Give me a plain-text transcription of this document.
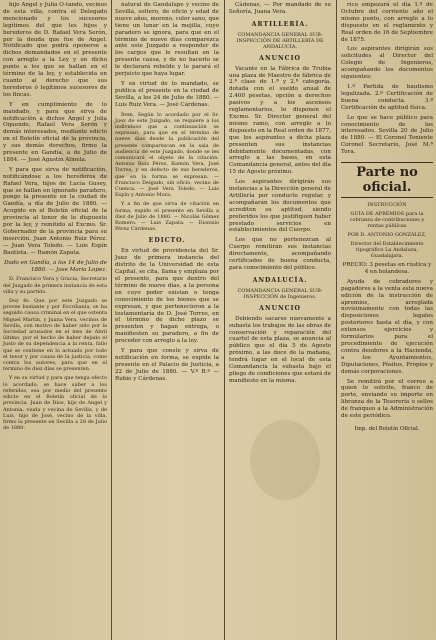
hijo Angel y Julia O-tando, vecinos de esta villa, contra el Delegado mencionado y los sucesores legítimos del que les hijos y herederos de D. Rafael Vera Serón, por la deuda que fue de Angel. Notificado que podrá oponerse a dichos demandados en el presente con arreglo a la Ley y en dicho punto a los que se hallan en el término de la ley, y establecida en cuanto al derecho que sus herederos ó legítimos sucesores de los fincas.

Y en cumplimiento de lo mandado, y para que sirva de notificación a dichos Ángel y Julia Oquendo, Rafael Vera Serón y demás interesados, mediante edicto en el Boletín oficial de la provincia, y sus demás derechos, firmo la presente en Gandía, a de Julio de 1884. — José Agustín Almela.

Y para que sirva de notificación, notificándose a los herederos de Rafael Vera, hijos de Lucía Gusey, que se hallan en ignorado paradero, pongo la presente en la ciudad de Gandía, a día de Julio de 1880. — Acogido en el Boletín oficial de la provincia al tenor de lo dispuesto por la ley, y remitido al Excmo. Sr. Gobernador de la provincia para su inserción. Juan Antonio Ruiz Pérez. — Juan Vera Toledo. — Luis Espín Bautista. — Ramón Zapata.

Dado en Gandía, a los 14 de Julio de 1880. — Jose Maria Lopez.

D. Francisco Vera y Gracia, Secretario del Juzgado de primera instancia de esta villa y su partido.

Doy fe: Que por este Juzgado se provee bastante y por Escribanía, se ha seguido causa criminal en el que ostenta Miguel Martin, y Juana Vera, vecinos de Sevilla, con motivo de haber sido por la Sociedad acusados en el mes de Abril último, por el hecho de haber dejado el Justo de su dependencia a la renta, fallo que se contiene en lo actuado por todo el tenor y por causa de la justicia, como contra los autores, para que en el término de diez días se presenten.

Y en su virtud y para que tenga efecto lo acordado, se hace saber a los referidos, sea por medio del presente edicto en el Boletín oficial de la provincia. Juan de Dios, hijo de Angel y Antonia, viuda y vecina de Sevilla, y de Luis, hijo de José, vecino de la villa, firmo la presente en Sevilla a 28 de Julio de 1880.

natural de Gandalupe y vecino de Sevilla, soltero, de oficio y edad de nueve años, moreno, color sano, que tiene un lunar en la mejilla, cuyo paradero se ignora, para que en el término de nueve días comparezca ante este Juzgado a responder de los cargos que le resultan en la presente causa, y de no hacerlo se le declarará rebelde y le parará el perjuicio que haya lugar.

Y en virtud de lo mandado, se publica el presente en la ciudad de Sevilla, a los 24 de Julio de 1880. — Luis Ruiz Vera. — José Cárdenas.

Ítem, Según lo acordado por el Sr. Juez de este Juzgado, se requiere a los individuos que a continuación se expresan, para que en el término de nueve días desde la publicación del presente comparezcan en la sala de audiencia de este Juzgado, donde se les comunicará el objeto de la citación. Antonio Ruiz Pérez, Ramón Vera, José Torres, y en defecto de sus herederos, que en la forma se expresan. — Francisco Delgado, sin oficio, vecino de Cuenca. — José Vera Toledo. — Luis Espín y Antonio Mora.

Y a fin de que sirva de citación en forma, expido el presente en Sevilla a diez de Julio de 1880. — Nicolás Gómez Romero. — Luis Zapata. — Dionisio Pérez Cárdenas.

EDICTO.

En virtud de providencia del Sr. Juez de primera instancia del distrito de la Universidad de esta Capital, se cita, llama y emplaza por el presente, para que dentro del término de nueve días, a la persona en cuyo poder existan o tenga conocimiento de los bienes que se expresan, y que pertenecieron a la testamentaría de D. José Torres, en el término de dicho plazo se presenten y hagan entrega, o manifiesten su paradero, a fin de proceder con arreglo a la ley.

Y para que conste y sirva de notificación en forma, se expide la presente en el Palacio de Justicia, a 22 de Julio de 1880. — V.º B.º — Rubio y Cárdenas.

Cádenas, — Por mandado de su Señoría, Juana Vera.

ARTILLERÍA.
COMANDANCIA GENERAL SUB-INSPECCIÓN DE ARTILLERÍA DE ANDALUCÍA.
ANUNCIO

Vacante en la Fábrica de Trubia una plaza de Maestro de fábrica de 2.ª clase de 1.ª y 2.ª categoría, dotada con el sueldo anual de 2.400 pesetas, opción a derechos pasivos y a los ascensos reglamentarios, lo disponen el Excmo. Sr. Director general del mismo ramo, con arreglo a lo dispuesto en la Real orden de 1877, que los aspirantes a dicha plaza presenten sus instancias debidamente documentadas, con arreglo a las bases, en esta Comandancia general, antes del día 15 de Agosto próximo.

Los aspirantes dirigirán sus instancias a la Dirección general de Artillería por conducto regular, y acompañarán los documentos que acrediten su aptitud, siendo preferidos los que justifiquen haber prestado servicios en establecimientos del Cuerpo.

Los que no pertenezcan al Cuerpo remitirán sus instancias directamente, acompañando certificados de buena conducta, para conocimiento del público.

ANDALUCÍA.
COMANDANCIA GENERAL SUB-INSPECCIÓN de Ingenieros.
ANUNCIO

Debiendo sacarse nuevamente a subasta los trabajos de las obras de conservación y reparación del cuartel de esta plaza, se anuncia al público que el día 5 de Agosto próximo, a las doce de la mañana, tendrá lugar en el local de esta Comandancia la subasta bajo el pliego de condiciones que estará de manifiesto en la misma.

rico empezará el día 1.º de Octubre del corriente año el mismo punto, con arreglo a lo dispuesto en el reglamento y Real orden de 16 de Septiembre de 1875.

Los aspirantes dirigirán sus solicitudes al Director del Colegio de Ingenieros, acompañando los documentos siguientes:

1.º Partida de bautismo legalizada. 2.º Certificación de buena conducta. 3.º Certificación de aptitud física.

Lo que se hace público para conocimiento de los interesados. Sevilla 20 de Julio de 1880. — El Coronel Teniente Coronel Secretario, José M.ª Tora.

Parte no oficial.
INSTRUCCIÓN
GUÍA DE APREMIOS para la cobranza de contribuciones y rentas públicas
POR D. ANTONIO GONZÁLEZ,
Director del Establecimiento tipográfico La Andaluza, Guadalajara.

PRECIO: 3 pesetas en rústica y 4 en holandesa.

Ayuda de cobradores y pagadores a la venta esta nueva edición de la instrucción de apremios, arreglada novísimamente con todas las disposiciones legales posteriores hasta el día, y con extensos ejercicios y formularios para el procedimiento de ejecución contra deudores a la Hacienda, a los Ayuntamientos, Diputaciones, Pósitos, Propios y demás corporaciones.

Se remitirá por el correo a quien lo solicite, franco de porte, enviando su importe en libranza de la Tesorería o sellos de franqueo a la Administración de este periódico.

Imp. del Boletín Oficial.
